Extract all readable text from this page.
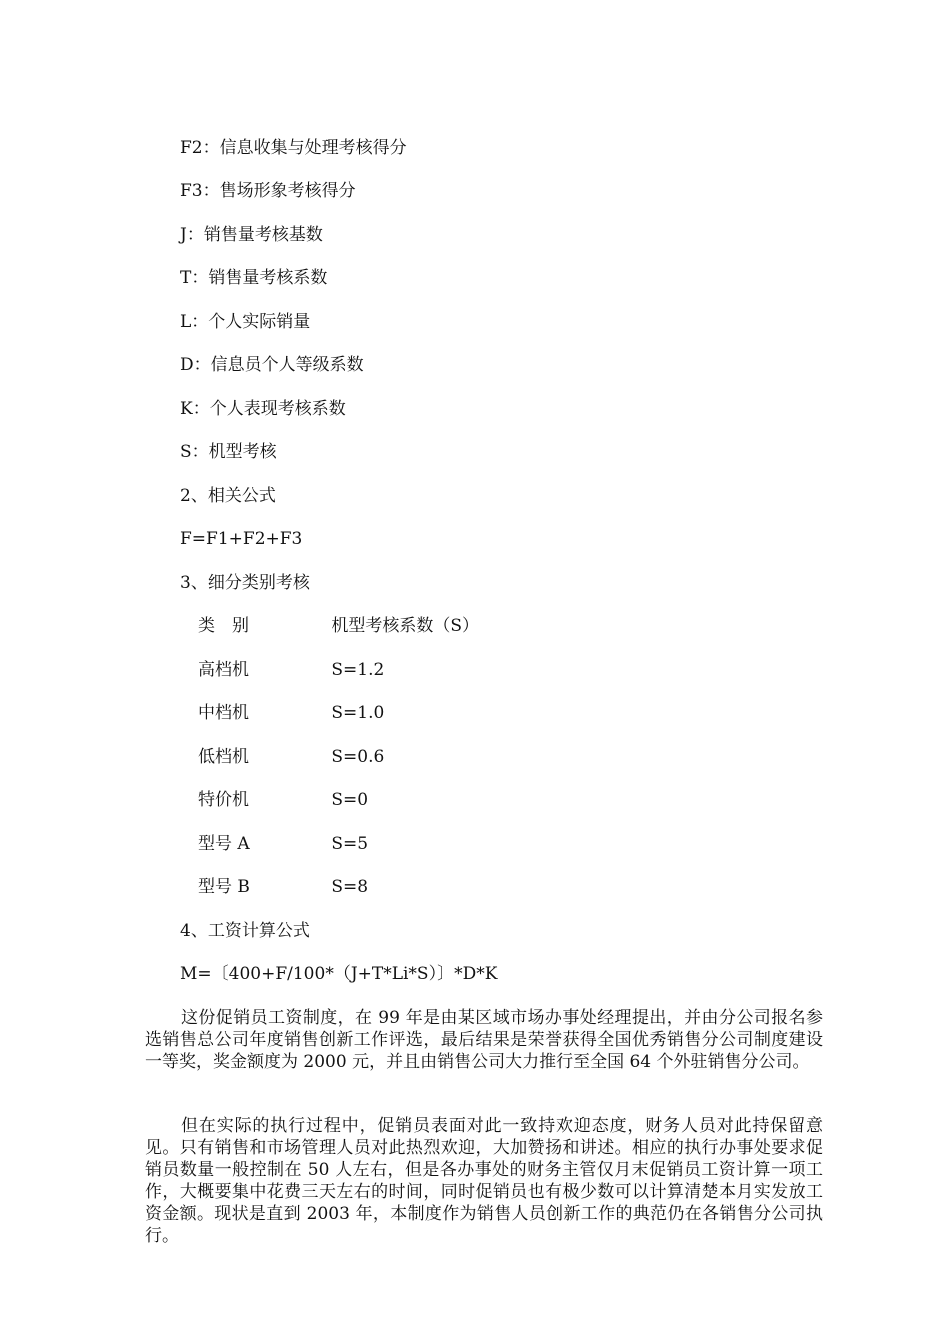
F2：信息收集与处理考核得分
F3：售场形象考核得分
J：销售量考核基数
T：销售量考核系数
L：个人实际销量
D：信息员个人等级系数
K：个人表现考核系数
S：机型考核
2、相关公式
F=F1+F2+F3
3、细分类别考核
类　别	机型考核系数（S）
高档机	S=1.2
中档机	S=1.0
低档机	S=0.6
特价机	S=0
型号 A	S=5
型号 B	S=8
4、工资计算公式
M=〔400+F/100*（J+T*Li*S）〕*D*K
这份促销员工资制度，在 99 年是由某区域市场办事处经理提出，并由分公司报名参选销售总公司年度销售创新工作评选，最后结果是荣誉获得全国优秀销售分公司制度建设一等奖，奖金额度为 2000 元，并且由销售公司大力推行至全国 64 个外驻销售分公司。
但在实际的执行过程中，促销员表面对此一致持欢迎态度，财务人员对此持保留意见。只有销售和市场管理人员对此热烈欢迎，大加赞扬和讲述。相应的执行办事处要求促销员数量一般控制在 50 人左右，但是各办事处的财务主管仅月末促销员工资计算一项工作，大概要集中花费三天左右的时间，同时促销员也有极少数可以计算清楚本月实发放工资金额。现状是直到 2003 年，本制度作为销售人员创新工作的典范仍在各销售分公司执行。
